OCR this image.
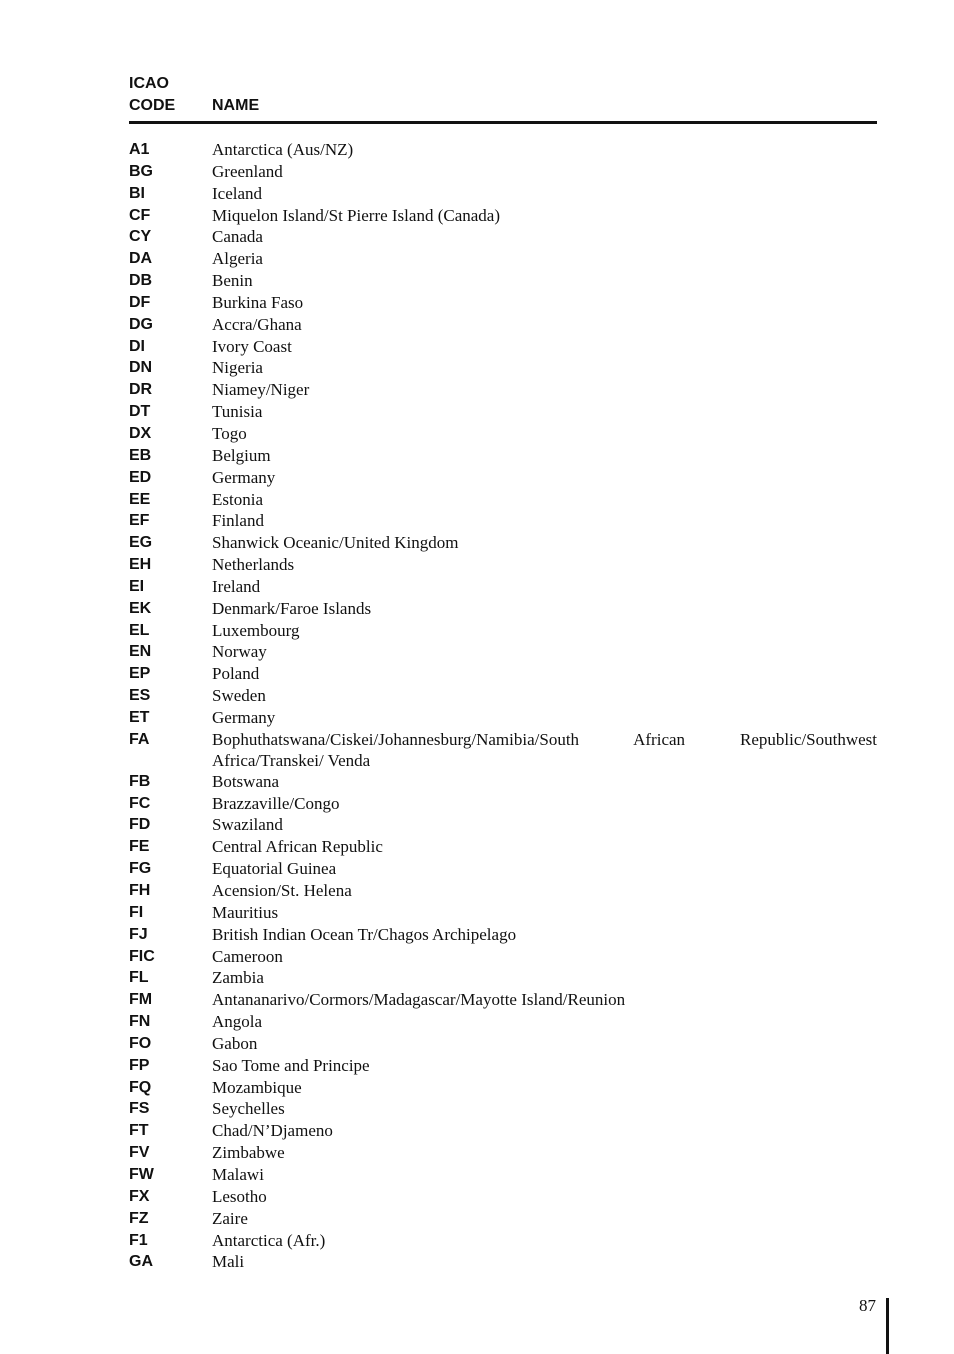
ICAO
CODE NAME
A1	Antarctica (Aus/NZ)
BG	Greenland
BI	Iceland
CF	Miquelon Island/St Pierre Island (Canada)
CY	Canada
DA	Algeria
DB	Benin
DF	Burkina Faso
DG	Accra/Ghana
DI	Ivory Coast
DN	Nigeria
DR	Niamey/Niger
DT	Tunisia
DX	Togo
EB	Belgium
ED	Germany
EE	Estonia
EF	Finland
EG	Shanwick Oceanic/United Kingdom
EH	Netherlands
EI	Ireland
EK	Denmark/Faroe Islands
EL	Luxembourg
EN	Norway
EP	Poland
ES	Sweden
ET	Germany
FA	Bophuthatswana/Ciskei/Johannesburg/Namibia/South African Republic/Southwest Africa/Transkei/ Venda
FB	Botswana
FC	Brazzaville/Congo
FD	Swaziland
FE	Central African Republic
FG	Equatorial Guinea
FH	Acension/St. Helena
FI	Mauritius
FJ	British Indian Ocean Tr/Chagos Archipelago
FIC	Cameroon
FL	Zambia
FM	Antananarivo/Cormors/Madagascar/Mayotte Island/Reunion
FN	Angola
FO	Gabon
FP	Sao Tome and Principe
FQ	Mozambique
FS	Seychelles
FT	Chad/N’Djameno
FV	Zimbabwe
FW	Malawi
FX	Lesotho
FZ	Zaire
F1	Antarctica (Afr.)
GA	Mali
87
